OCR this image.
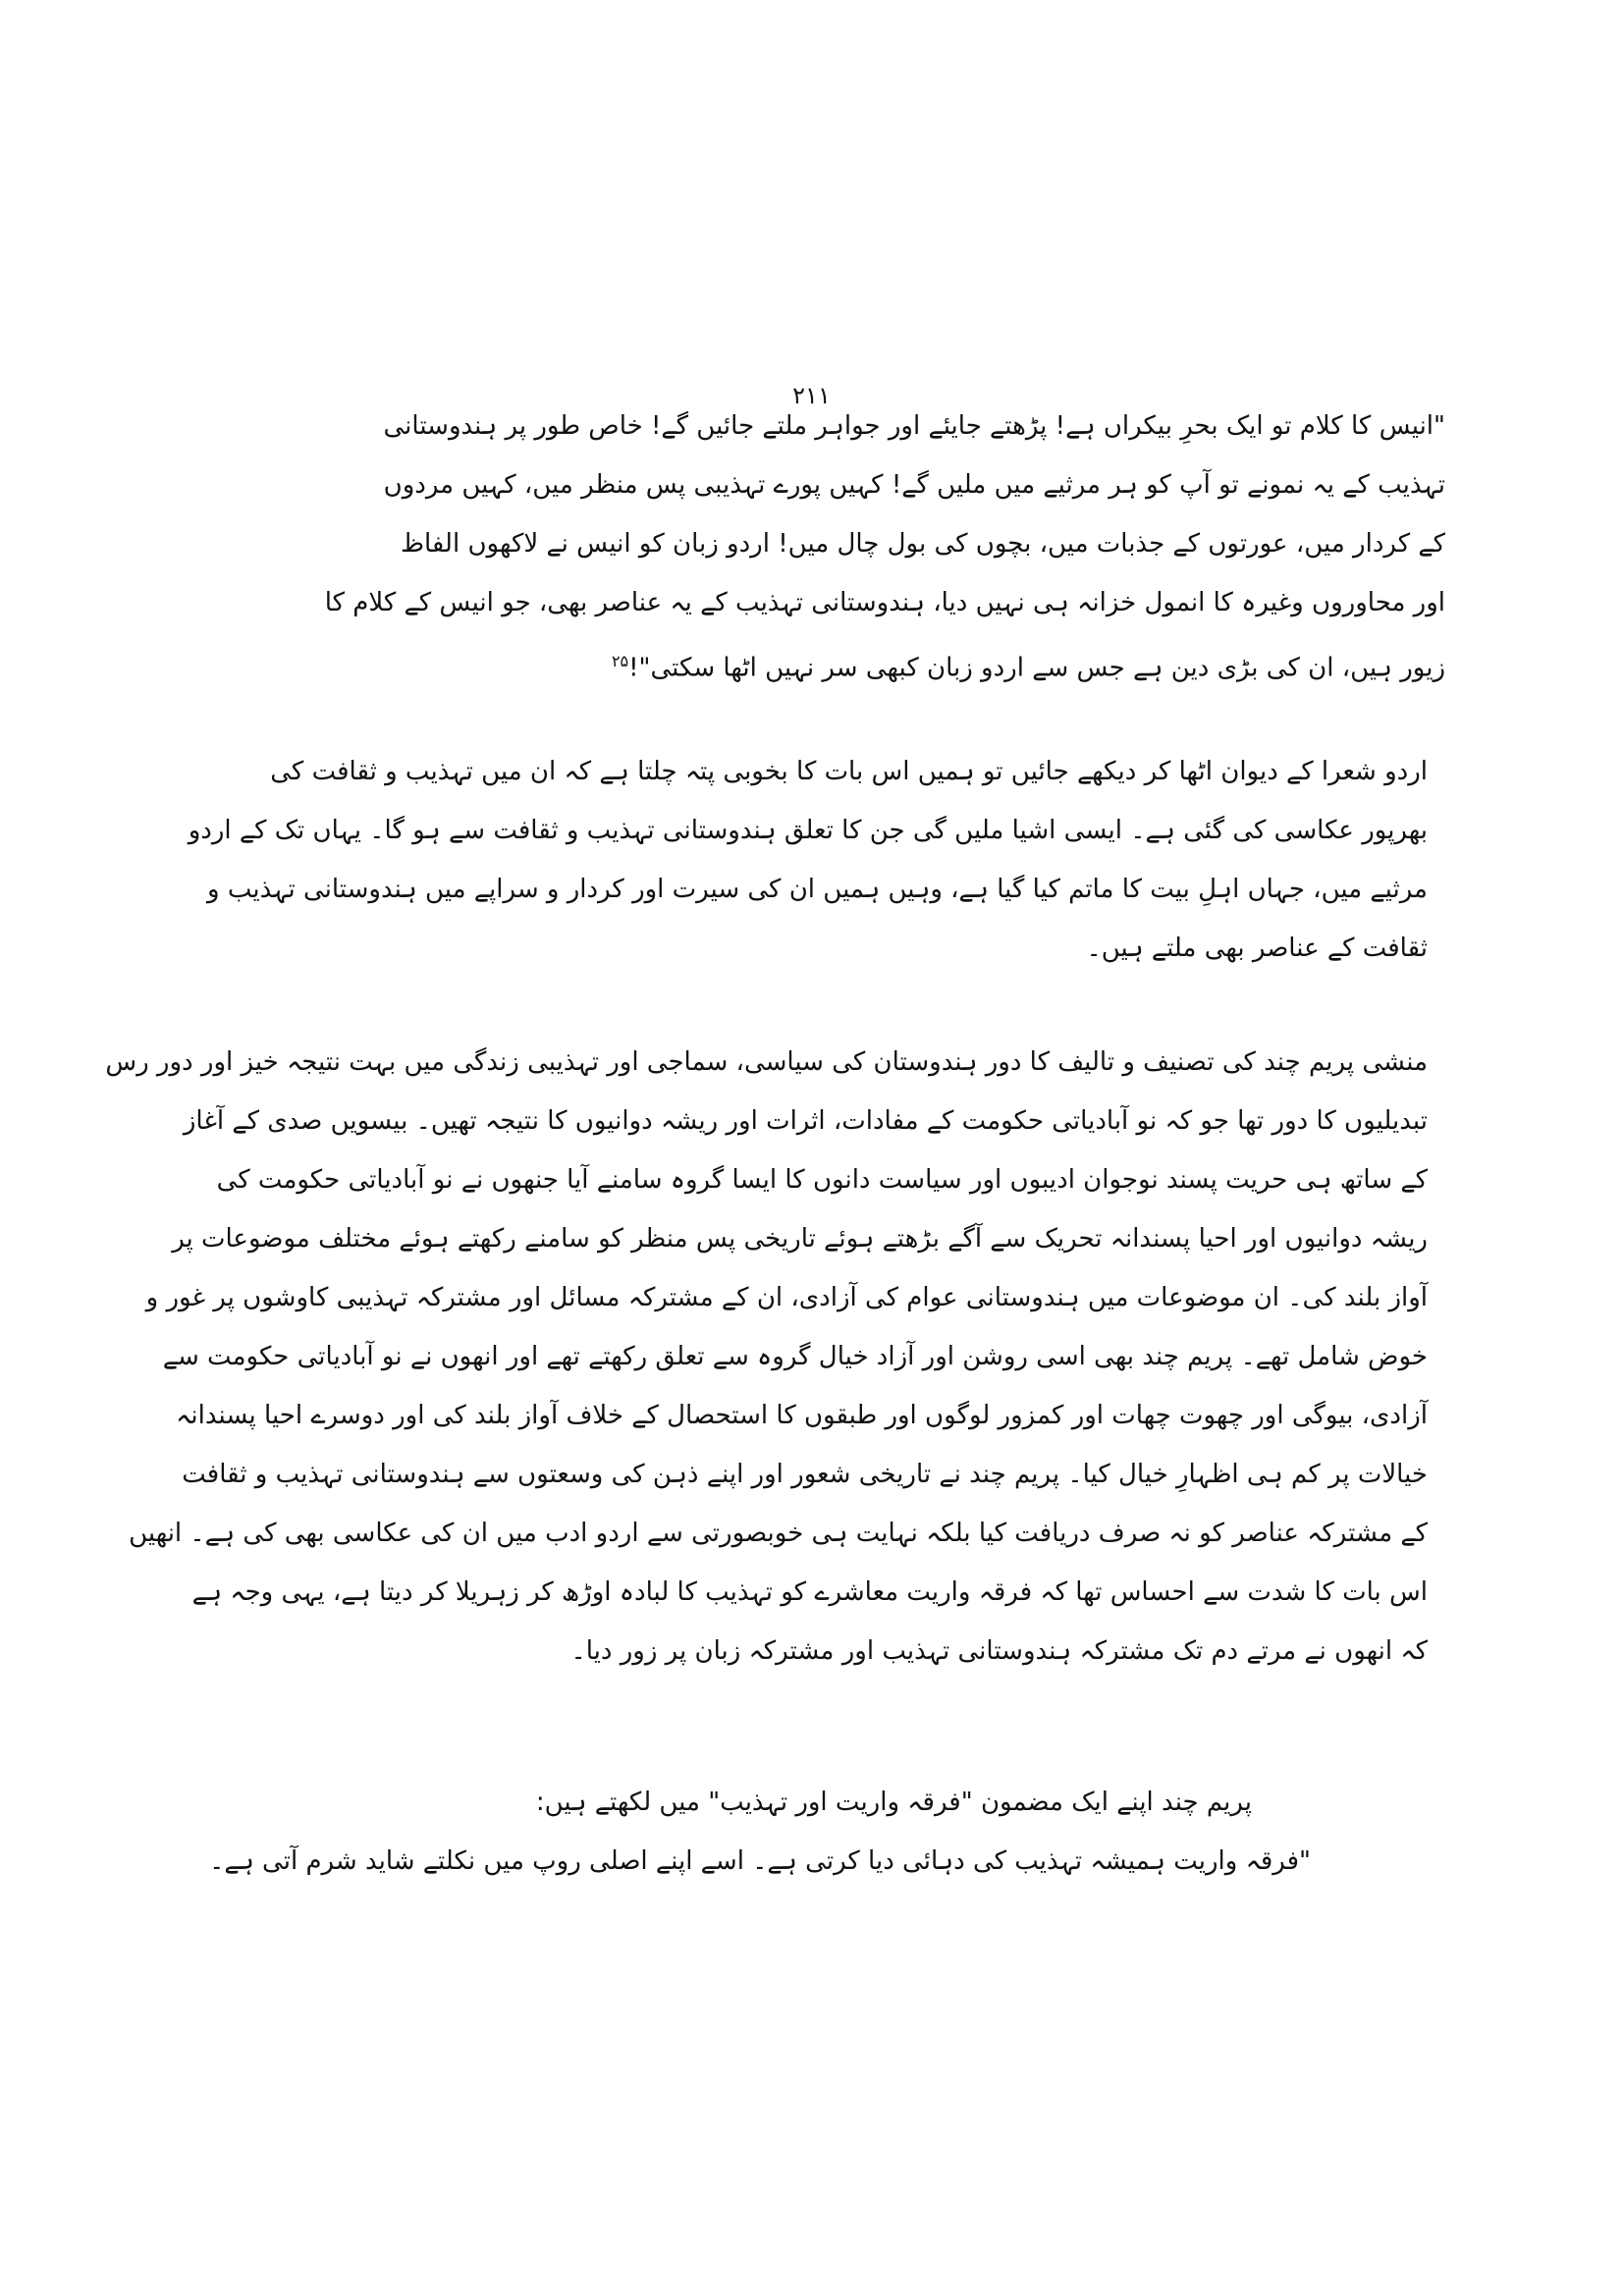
۲۱۱
"انیس کا کلام تو ایک بحرِ بیکراں ہے! پڑھتے جایئے اور جواہر ملتے جائیں گے! خاص طور پر ہندوستانی
تہذیب کے یہ نمونے تو آپ کو ہر مرثیے میں ملیں گے! کہیں پورے تہذیبی پس منظر میں، کہیں مردوں
کے کردار میں، عورتوں کے جذبات میں، بچوں کی بول چال میں! اردو زبان کو انیس نے لاکھوں الفاظ
اور محاوروں وغیرہ کا انمول خزانہ ہی نہیں دیا، ہندوستانی تہذیب کے یہ عناصر بھی، جو انیس کے کلام کا
زیور ہیں، ان کی بڑی دین ہے جس سے اردو زبان کبھی سر نہیں اٹھا سکتی"!$^{۲۵}$
اردو شعرا کے دیوان اٹھا کر دیکھے جائیں تو ہمیں اس بات کا بخوبی پتہ چلتا ہے کہ ان میں تہذیب و ثقافت کی
بھرپور عکاسی کی گئی ہے۔ ایسی اشیا ملیں گی جن کا تعلق ہندوستانی تہذیب و ثقافت سے ہو گا۔ یہاں تک کے اردو
مرثیے میں، جہاں اہلِ بیت کا ماتم کیا گیا ہے، وہیں ہمیں ان کی سیرت اور کردار و سراپے میں ہندوستانی تہذیب و
ثقافت کے عناصر بھی ملتے ہیں۔
منشی پریم چند کی تصنیف و تالیف کا دور ہندوستان کی سیاسی، سماجی اور تہذیبی زندگی میں بہت نتیجہ خیز اور دور رس
تبدیلیوں کا دور تھا جو کہ نو آبادیاتی حکومت کے مفادات، اثرات اور ریشہ دوانیوں کا نتیجہ تھیں۔ بیسویں صدی کے آغاز
کے ساتھ ہی حریت پسند نوجوان ادیبوں اور سیاست دانوں کا ایسا گروہ سامنے آیا جنھوں نے نو آبادیاتی حکومت کی
ریشہ دوانیوں اور احیا پسندانہ تحریک سے آگے بڑھتے ہوئے تاریخی پس منظر کو سامنے رکھتے ہوئے مختلف موضوعات پر
آواز بلند کی۔ ان موضوعات میں ہندوستانی عوام کی آزادی، ان کے مشترکہ مسائل اور مشترکہ تہذیبی کاوشوں پر غور و
خوض شامل تھے۔ پریم چند بھی اسی روشن اور آزاد خیال گروہ سے تعلق رکھتے تھے اور انھوں نے نو آبادیاتی حکومت سے
آزادی، بیوگی اور چھوت چھات اور کمزور لوگوں اور طبقوں کا استحصال کے خلاف آواز بلند کی اور دوسرے احیا پسندانہ
خیالات پر کم ہی اظہارِ خیال کیا۔ پریم چند نے تاریخی شعور اور اپنے ذہن کی وسعتوں سے ہندوستانی تہذیب و ثقافت
کے مشترکہ عناصر کو نہ صرف دریافت کیا بلکہ نہایت ہی خوبصورتی سے اردو ادب میں ان کی عکاسی بھی کی ہے۔ انھیں
اس بات کا شدت سے احساس تھا کہ فرقہ واریت معاشرے کو تہذیب کا لبادہ اوڑھ کر زہریلا کر دیتا ہے، یہی وجہ ہے
کہ انھوں نے مرتے دم تک مشترکہ ہندوستانی تہذیب اور مشترکہ زبان پر زور دیا۔
پریم چند اپنے ایک مضمون "فرقہ واریت اور تہذیب" میں لکھتے ہیں:
"فرقہ واریت ہمیشہ تہذیب کی دہائی دیا کرتی ہے۔ اسے اپنے اصلی روپ میں نکلتے شاید شرم آتی ہے۔
